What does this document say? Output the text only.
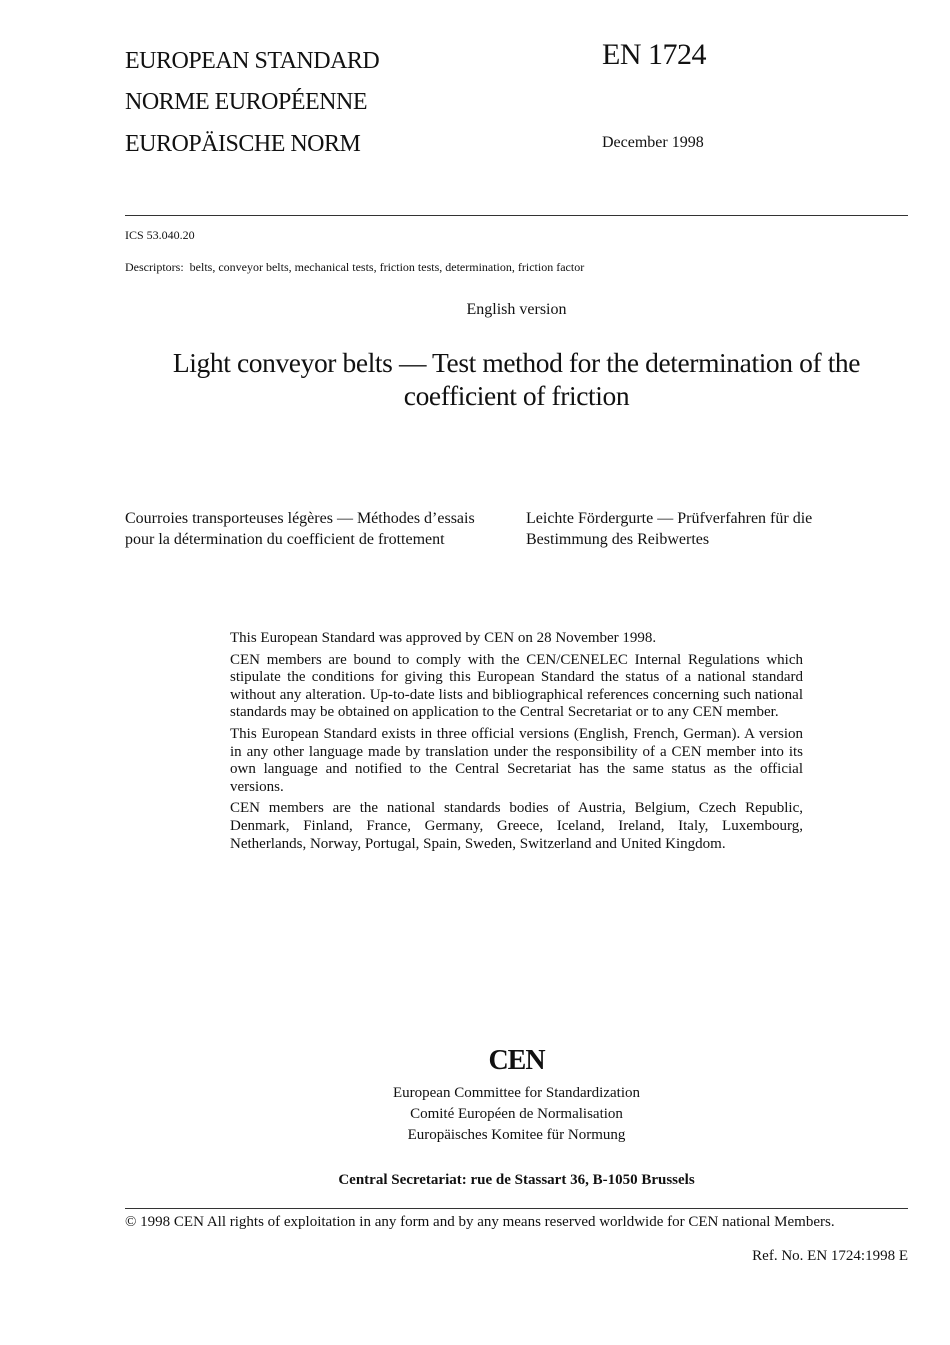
EUROPEAN STANDARD
NORME EUROPÉENNE
EUROPÄISCHE NORM
EN 1724
December 1998
ICS 53.040.20
Descriptors:  belts, conveyor belts, mechanical tests, friction tests, determination, friction factor
English version
Light conveyor belts — Test method for the determination of the
coefficient of friction
Courroies transporteuses légères — Méthodes d’essais pour la détermination du coefficient de frottement
Leichte Fördergurte — Prüfverfahren für die Bestimmung des Reibwertes

This European Standard was approved by CEN on 28 November 1998.

CEN members are bound to comply with the CEN/CENELEC Internal Regulations which stipulate the conditions for giving this European Standard the status of a national standard without any alteration. Up-to-date lists and bibliographical references concerning such national standards may be obtained on application to the Central Secretariat or to any CEN member.

This European Standard exists in three official versions (English, French, German). A version in any other language made by translation under the responsibility of a CEN member into its own language and notified to the Central Secretariat has the same status as the official versions.

CEN members are the national standards bodies of Austria, Belgium, Czech Republic, Denmark, Finland, France, Germany, Greece, Iceland, Ireland, Italy, Luxembourg, Netherlands, Norway, Portugal, Spain, Sweden, Switzerland and United Kingdom.

CEN
European Committee for Standardization
Comité Européen de Normalisation
Europäisches Komitee für Normung
Central Secretariat: rue de Stassart 36, B-1050 Brussels
© 1998 CEN All rights of exploitation in any form and by any means reserved worldwide for CEN national Members.
Ref. No. EN 1724:1998 E
